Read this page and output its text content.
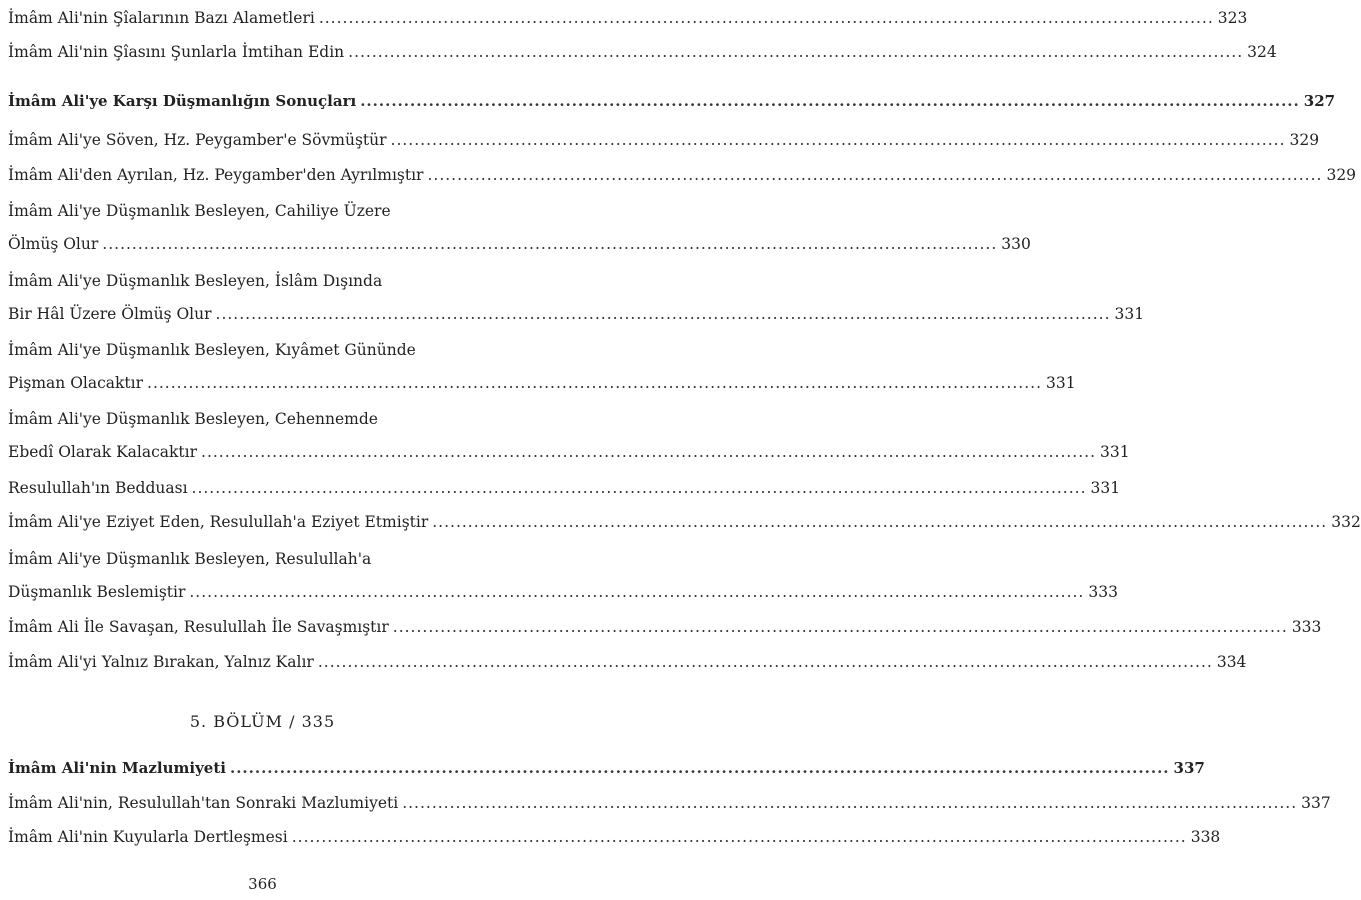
İmâm Ali'nin Şîalarının Bazı Alametleri ....................................................................................................................................................... 323
İmâm Ali'nin Şîasını Şunlarla İmtihan Edin ....................................................................................................................................................... 324
İmâm Ali'ye Karşı Düşmanlığın Sonuçları ....................................................................................................................................................... 327
İmâm Ali'ye Söven, Hz. Peygamber'e Sövmüştür ....................................................................................................................................................... 329
İmâm Ali'den Ayrılan, Hz. Peygamber'den Ayrılmıştır ....................................................................................................................................................... 329
İmâm Ali'ye Düşmanlık Besleyen, Cahiliye Üzere
Ölmüş Olur ....................................................................................................................................................... 330
İmâm Ali'ye Düşmanlık Besleyen, İslâm Dışında
Bir Hâl Üzere Ölmüş Olur ....................................................................................................................................................... 331
İmâm Ali'ye Düşmanlık Besleyen, Kıyâmet Gününde
Pişman Olacaktır ....................................................................................................................................................... 331
İmâm Ali'ye Düşmanlık Besleyen, Cehennemde
Ebedî Olarak Kalacaktır ....................................................................................................................................................... 331
Resulullah'ın Bedduası ....................................................................................................................................................... 331
İmâm Ali'ye Eziyet Eden, Resulullah'a Eziyet Etmiştir ....................................................................................................................................................... 332
İmâm Ali'ye Düşmanlık Besleyen, Resulullah'a
Düşmanlık Beslemiştir ....................................................................................................................................................... 333
İmâm Ali İle Savaşan, Resulullah İle Savaşmıştır ....................................................................................................................................................... 333
İmâm Ali'yi Yalnız Bırakan, Yalnız Kalır ....................................................................................................................................................... 334
İmâm Ali'nin Mazlumiyeti ....................................................................................................................................................... 337
İmâm Ali'nin, Resulullah'tan Sonraki Mazlumiyeti ....................................................................................................................................................... 337
İmâm Ali'nin Kuyularla Dertleşmesi ....................................................................................................................................................... 338
5. BÖLÜM / 335
366
